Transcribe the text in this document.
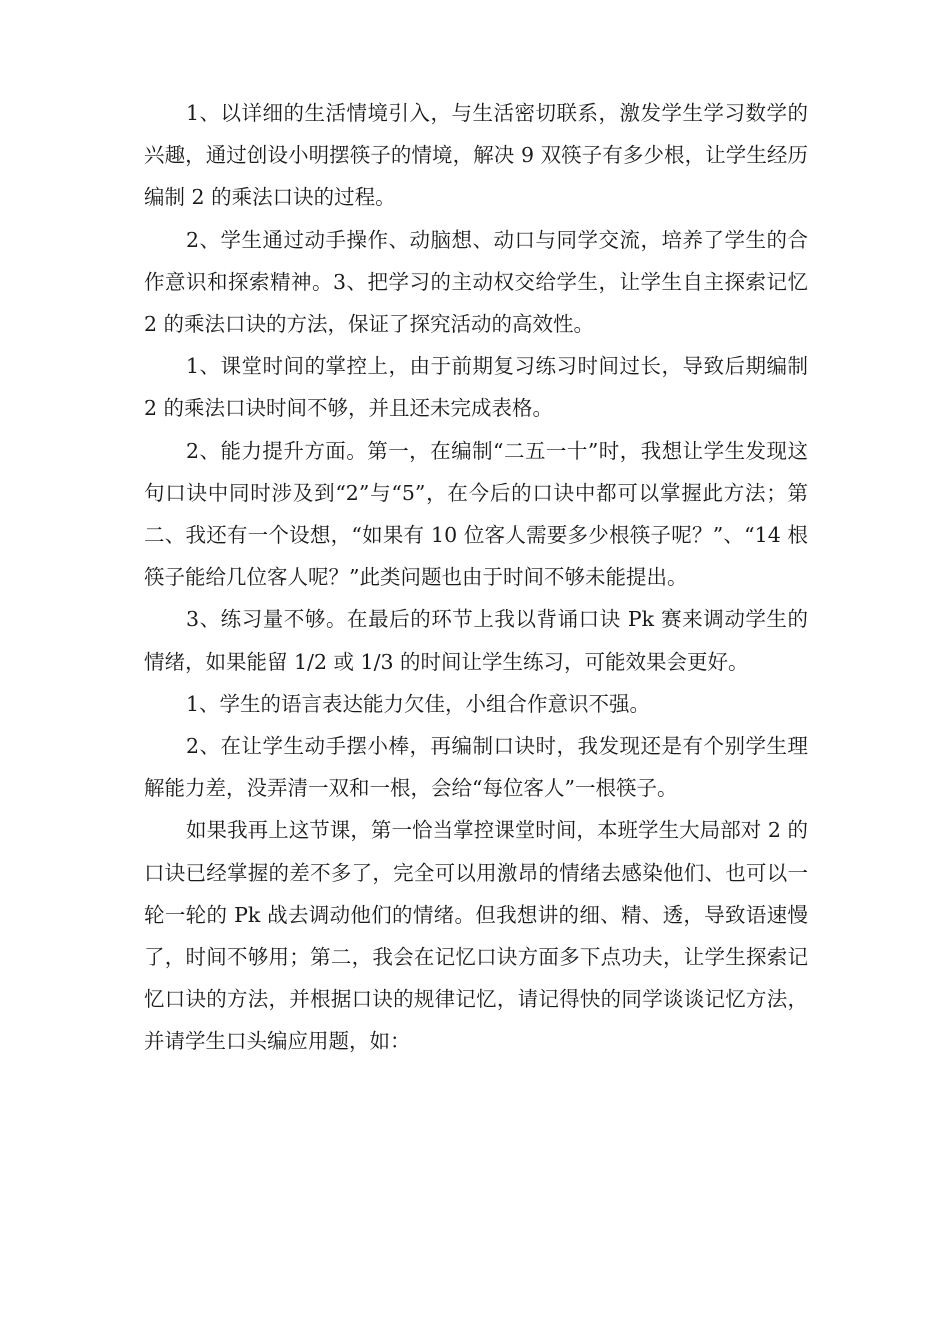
1、以详细的生活情境引入，与生活密切联系，激发学生学习数学的兴趣，通过创设小明摆筷子的情境，解决 9 双筷子有多少根，让学生经历编制 2 的乘法口诀的过程。

2、学生通过动手操作、动脑想、动口与同学交流，培养了学生的合作意识和探索精神。3、把学习的主动权交给学生，让学生自主探索记忆 2 的乘法口诀的方法，保证了探究活动的高效性。

1、课堂时间的掌控上，由于前期复习练习时间过长，导致后期编制 2 的乘法口诀时间不够，并且还未完成表格。

2、能力提升方面。第一，在编制“二五一十”时，我想让学生发现这句口诀中同时涉及到“2”与“5”，在今后的口诀中都可以掌握此方法；第二、我还有一个设想，“如果有 10 位客人需要多少根筷子呢？”、“14 根筷子能给几位客人呢？”此类问题也由于时间不够未能提出。

3、练习量不够。在最后的环节上我以背诵口诀 Pk 赛来调动学生的情绪，如果能留 1/2 或 1/3 的时间让学生练习，可能效果会更好。

1、学生的语言表达能力欠佳，小组合作意识不强。

2、在让学生动手摆小棒，再编制口诀时，我发现还是有个别学生理解能力差，没弄清一双和一根，会给“每位客人”一根筷子。

如果我再上这节课，第一恰当掌控课堂时间，本班学生大局部对 2 的口诀已经掌握的差不多了，完全可以用激昂的情绪去感染他们、也可以一轮一轮的 Pk 战去调动他们的情绪。但我想讲的细、精、透，导致语速慢了，时间不够用；第二，我会在记忆口诀方面多下点功夫，让学生探索记忆口诀的方法，并根据口诀的规律记忆，请记得快的同学谈谈记忆方法，并请学生口头编应用题，如：
